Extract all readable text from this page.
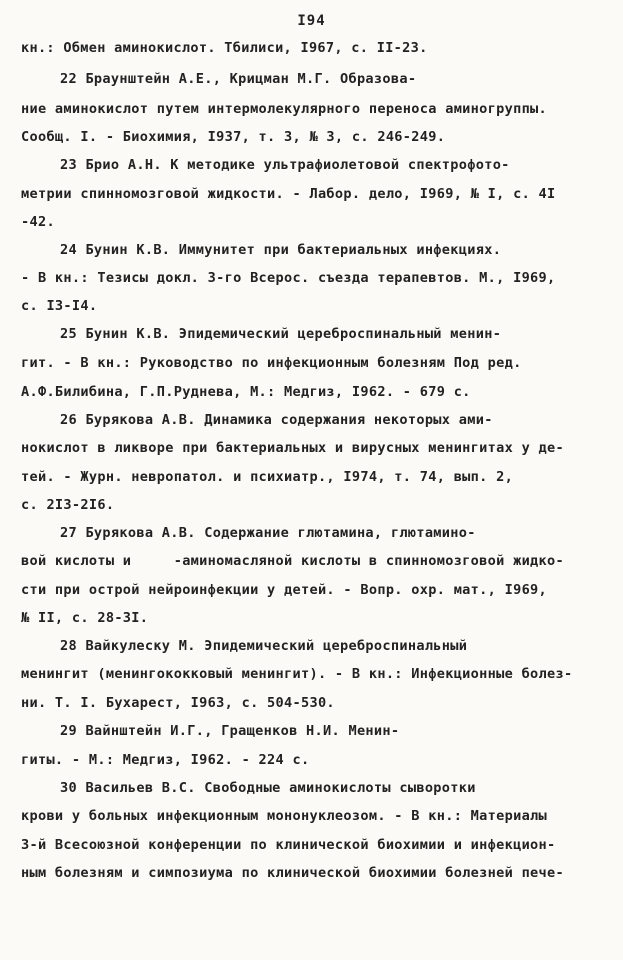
I94
кн.: Обмен аминокислот. Тбилиси, I967, с. II-23.
22 Браунштейн А.Е., Крицман М.Г. Образова-
ние аминокислот путем интермолекулярного переноса аминогруппы.
Сообщ. I. - Биохимия, I937, т. 3, № 3, с. 246-249.
23 Брио А.Н. К методике ультрафиолетовой спектрофото-
метрии спинномозговой жидкости. - Лабор. дело, I969, № I, с. 4I
-42.
24 Бунин К.В. Иммунитет при бактериальных инфекциях.
- В кн.: Тезисы докл. 3-го Всерос. съезда терапевтов. М., I969,
с. I3-I4.
25 Бунин К.В. Эпидемический цереброспинальный менин-
гит. - В кн.: Руководство по инфекционным болезням Под ред.
А.Ф.Билибина, Г.П.Руднева, М.: Медгиз, I962. - 679 с.
26 Бурякова А.В. Динамика содержания некоторых ами-
нокислот в ликворе при бактериальных и вирусных менингитах у де-
тей. - Журн. невропатол. и психиатр., I974, т. 74, вып. 2,
с. 2I3-2I6.
27 Бурякова А.В. Содержание глютамина, глютамино-
вой кислоты и     -аминомасляной кислоты в спинномозговой жидко-
сти при острой нейроинфекции у детей. - Вопр. охр. мат., I969,
№ II, с. 28-3I.
28 Вайкулеску М. Эпидемический цереброспинальный
менингит (менингококковый менингит). - В кн.: Инфекционные болез-
ни. Т. I. Бухарест, I963, с. 504-530.
29 Вайнштейн И.Г., Гращенков Н.И. Менин-
гиты. - М.: Медгиз, I962. - 224 с.
30 Васильев В.С. Свободные аминокислоты сыворотки
крови у больных инфекционным мононуклеозом. - В кн.: Материалы
3-й Всесоюзной конференции по клинической биохимии и инфекцион-
ным болезням и симпозиума по клинической биохимии болезней пече-
